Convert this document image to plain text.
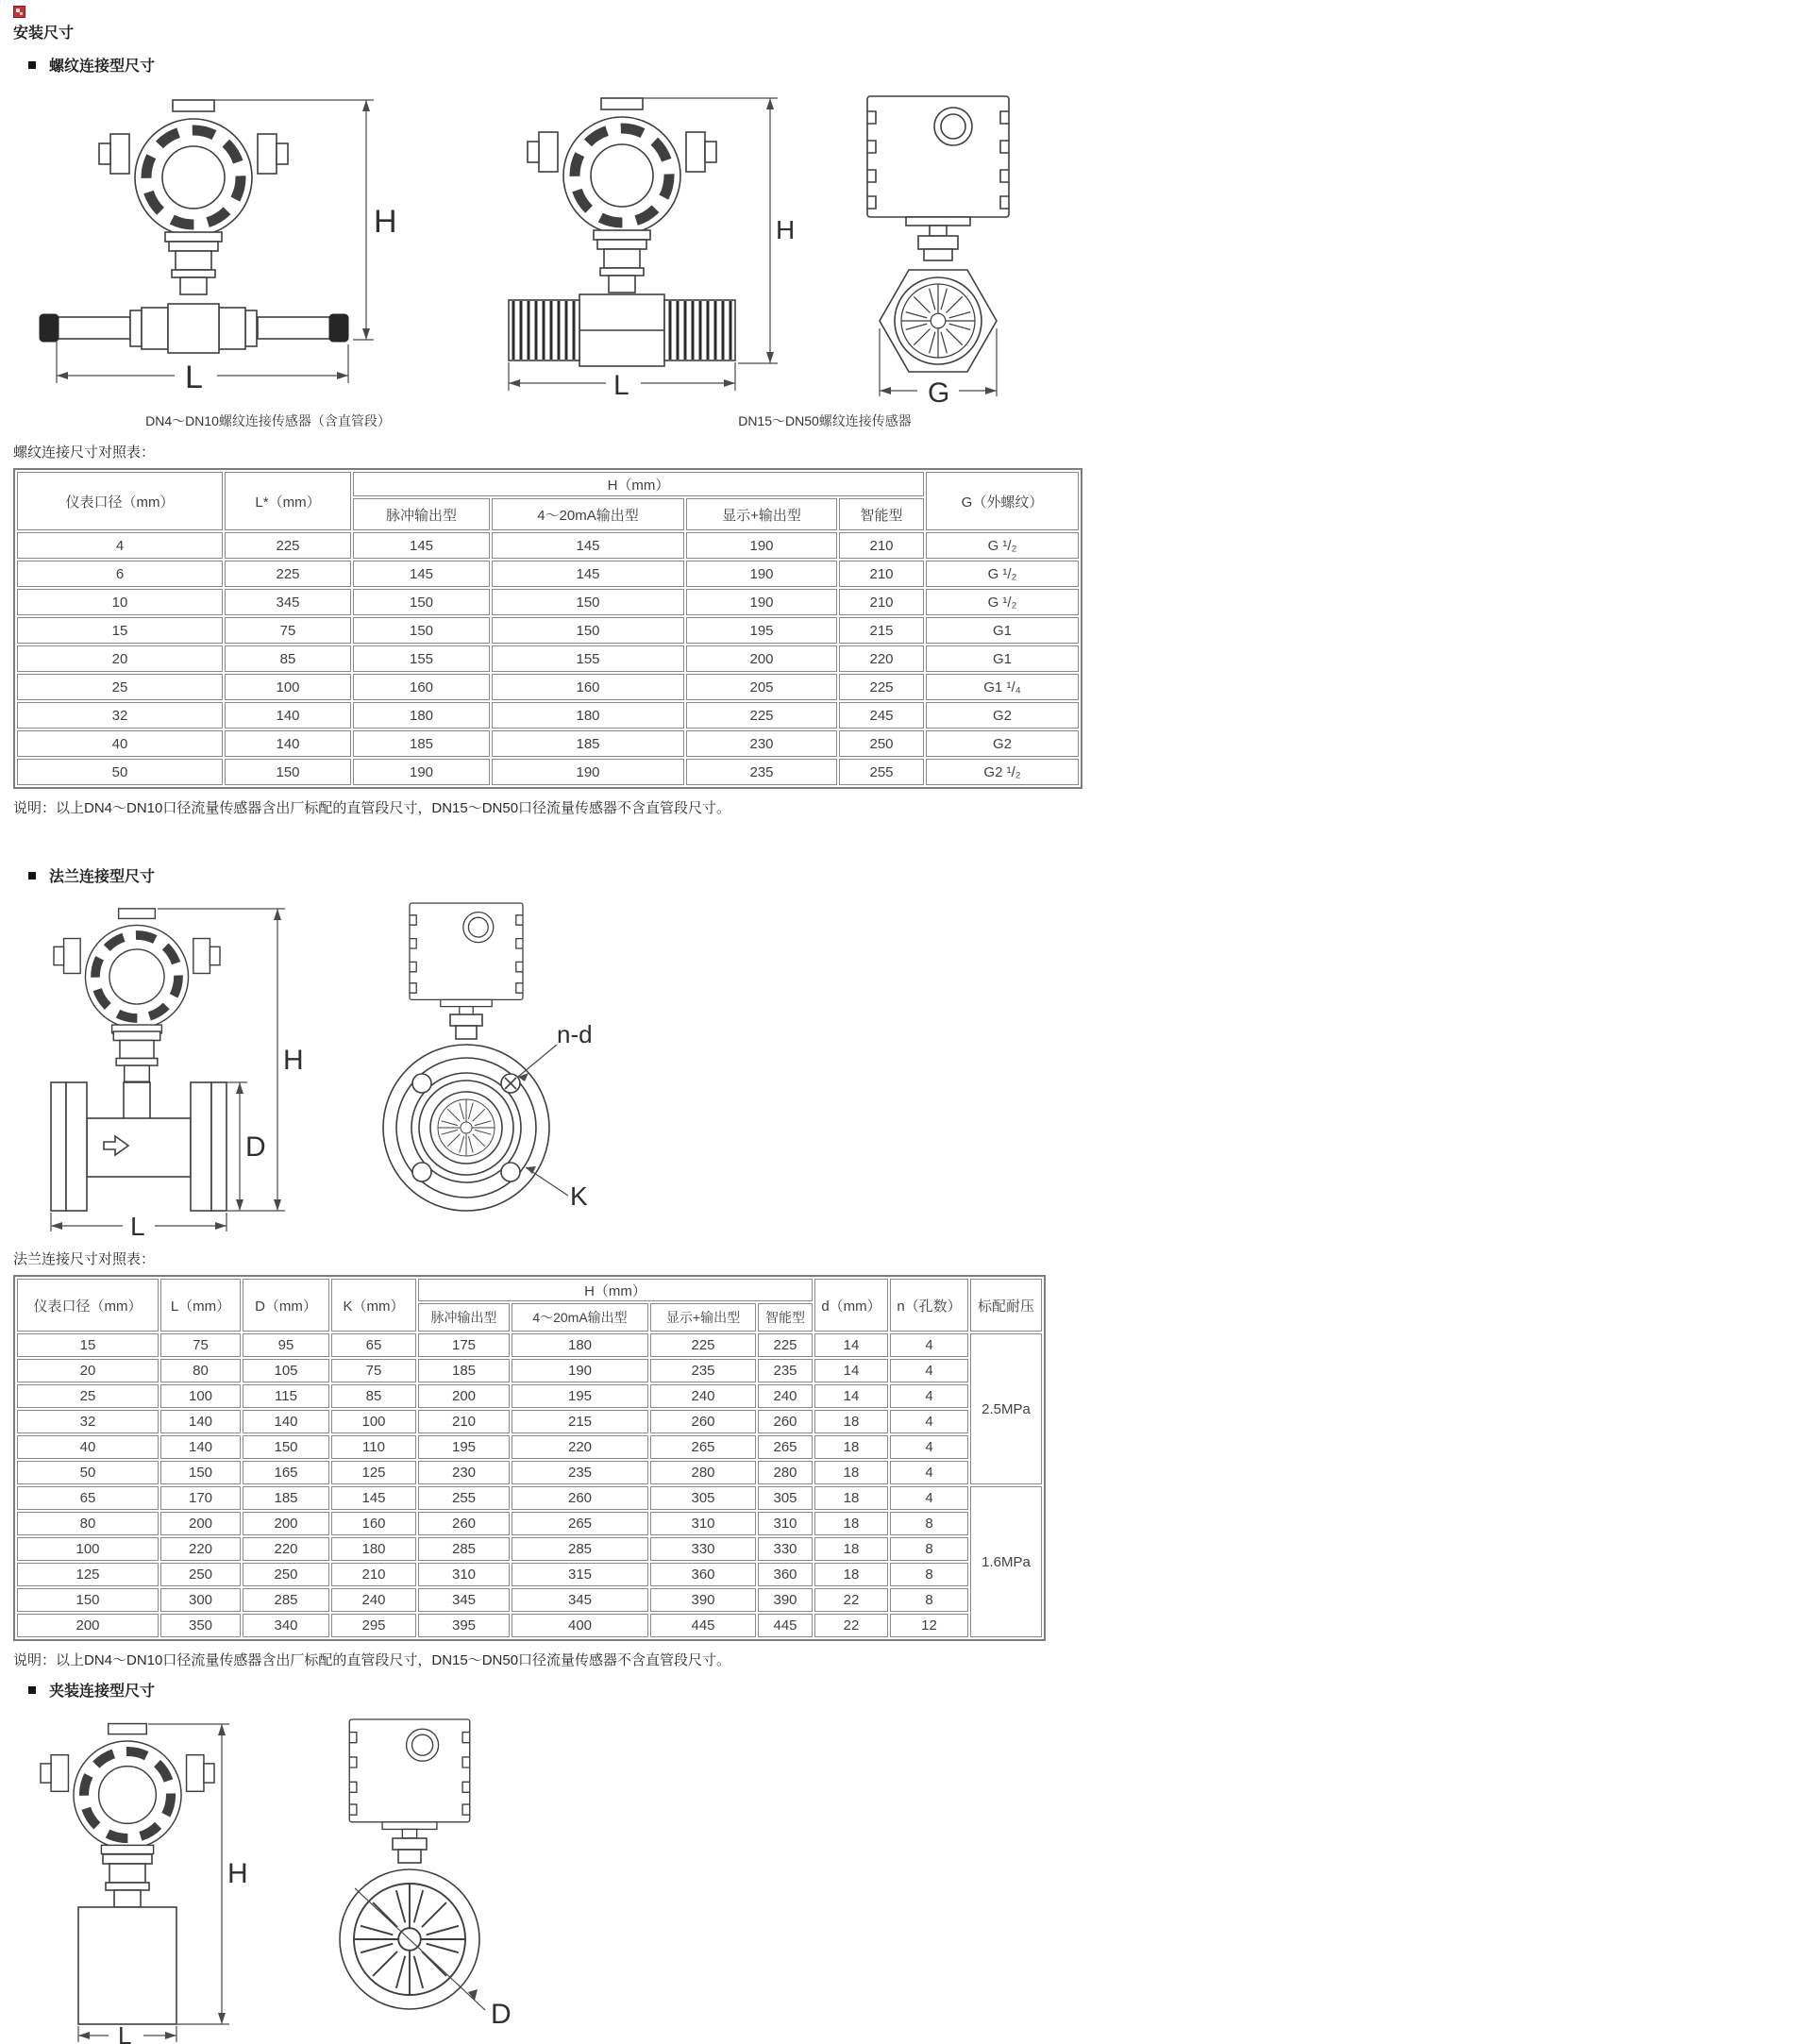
安装尺寸
螺纹连接型尺寸
H
L
H
L	G
DN4～DN10螺纹连接传感器（含直管段）	DN15～DN50螺纹连接传感器
螺纹连接尺寸对照表：
仪表口径（mm）	L*（mm）	H（mm）				G（外螺纹）
		脉冲输出型	4～20mA输出型	显示+输出型	智能型	
4	225	145	145	190	210	G ¹/₂
6	225	145	145	190	210	G ¹/₂
10	345	150	150	190	210	G ¹/₂
15	75	150	150	195	215	G1
20	85	155	155	200	220	G1
25	100	160	160	205	225	G1 ¹/₄
32	140	180	180	225	245	G2
40	140	185	185	230	250	G2
50	150	190	190	235	255	G2 ¹/₂
说明：以上DN4～DN10口径流量传感器含出厂标配的直管段尺寸，DN15～DN50口径流量传感器不含直管段尺寸。
法兰连接型尺寸
D
H
L
n-d
K
法兰连接尺寸对照表：
仪表口径（mm）	L（mm）	D（mm）	K（mm）	H（mm）				d（mm）	n（孔数）	标配耐压
				脉冲输出型	4～20mA输出型	显示+输出型	智能型			
15	75	95	65	175	180	225	225	14	4	2.5MPa
20	80	105	75	185	190	235	235	14	4	
25	100	115	85	200	195	240	240	14	4	
32	140	140	100	210	215	260	260	18	4	
40	140	150	110	195	220	265	265	18	4	
50	150	165	125	230	235	280	280	18	4	
65	170	185	145	255	260	305	305	18	4	1.6MPa
80	200	200	160	260	265	310	310	18	8	
100	220	220	180	285	285	330	330	18	8	
125	250	250	210	310	315	360	360	18	8	
150	300	285	240	345	345	390	390	22	8	
200	350	340	295	395	400	445	445	22	12	
说明：以上DN4～DN10口径流量传感器含出厂标配的直管段尺寸，DN15～DN50口径流量传感器不含直管段尺寸。
夹装连接型尺寸
H
L
D
